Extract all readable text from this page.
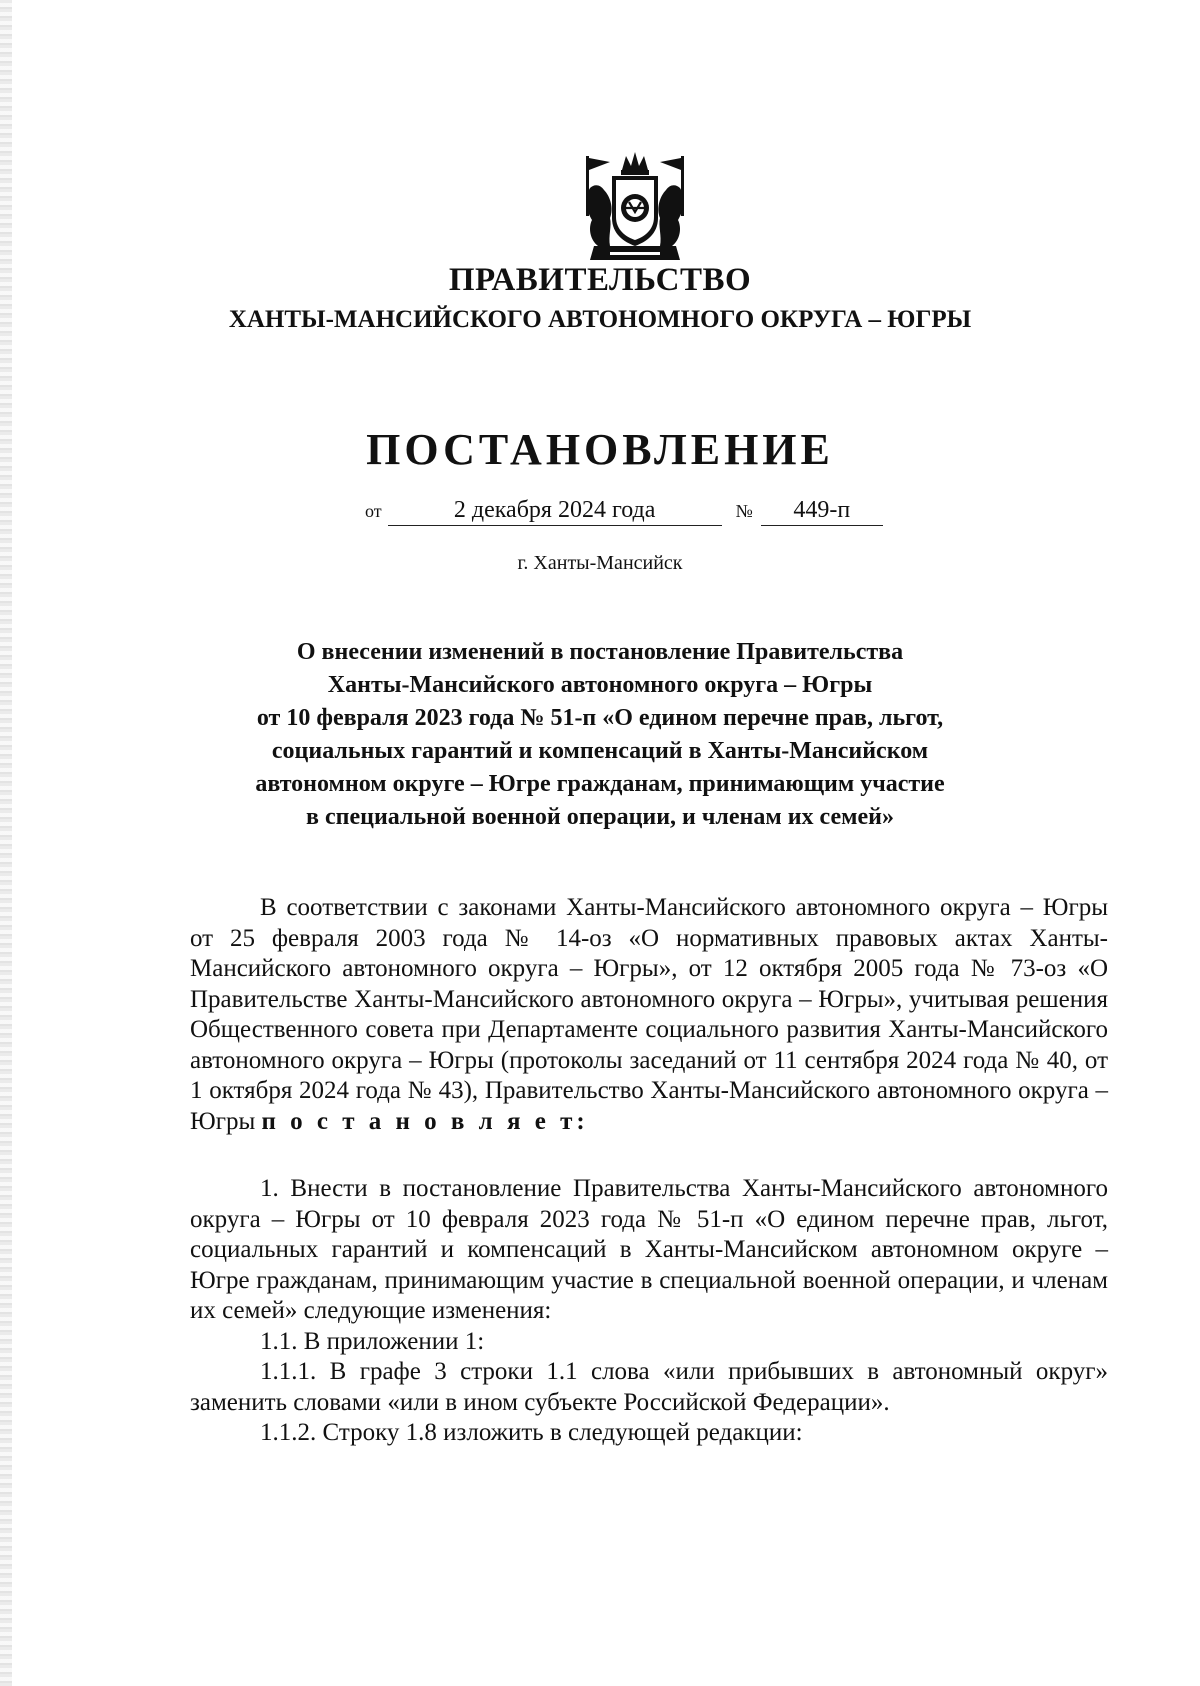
ПРАВИТЕЛЬСТВО
ХАНТЫ-МАНСИЙСКОГО АВТОНОМНОГО ОКРУГА – ЮГРЫ
ПОСТАНОВЛЕНИЕ
от	2 декабря 2024 года	№ 449-п
г. Ханты-Мансийск
О внесении изменений в постановление Правительства
Ханты-Мансийского автономного округа – Югры
от 10 февраля 2023 года № 51-п «О едином перечне прав, льгот,
социальных гарантий и компенсаций в Ханты-Мансийском
автономном округе – Югре гражданам, принимающим участие
в специальной военной операции, и членам их семей»

В соответствии с законами Ханты-Мансийского автономного округа – Югры от 25 февраля 2003 года № 14-оз «О нормативных правовых актах Ханты-Мансийского автономного округа – Югры», от 12 октября 2005 года № 73-оз «О Правительстве Ханты-Мансийского автономного округа – Югры», учитывая решения Общественного совета при Департаменте социального развития Ханты-Мансийского автономного округа – Югры (протоколы заседаний от 11 сентября 2024 года № 40, от 1 октября 2024 года № 43), Правительство Ханты-Мансийского автономного округа – Югры п о с т а н о в л я е т:

1. Внести в постановление Правительства Ханты-Мансийского автономного округа – Югры от 10 февраля 2023 года № 51-п «О едином перечне прав, льгот, социальных гарантий и компенсаций в Ханты-Мансийском автономном округе – Югре гражданам, принимающим участие в специальной военной операции, и членам их семей» следующие изменения:

1.1. В приложении 1:

1.1.1. В графе 3 строки 1.1 слова «или прибывших в автономный округ» заменить словами «или в ином субъекте Российской Федерации».

1.1.2. Строку 1.8 изложить в следующей редакции:
